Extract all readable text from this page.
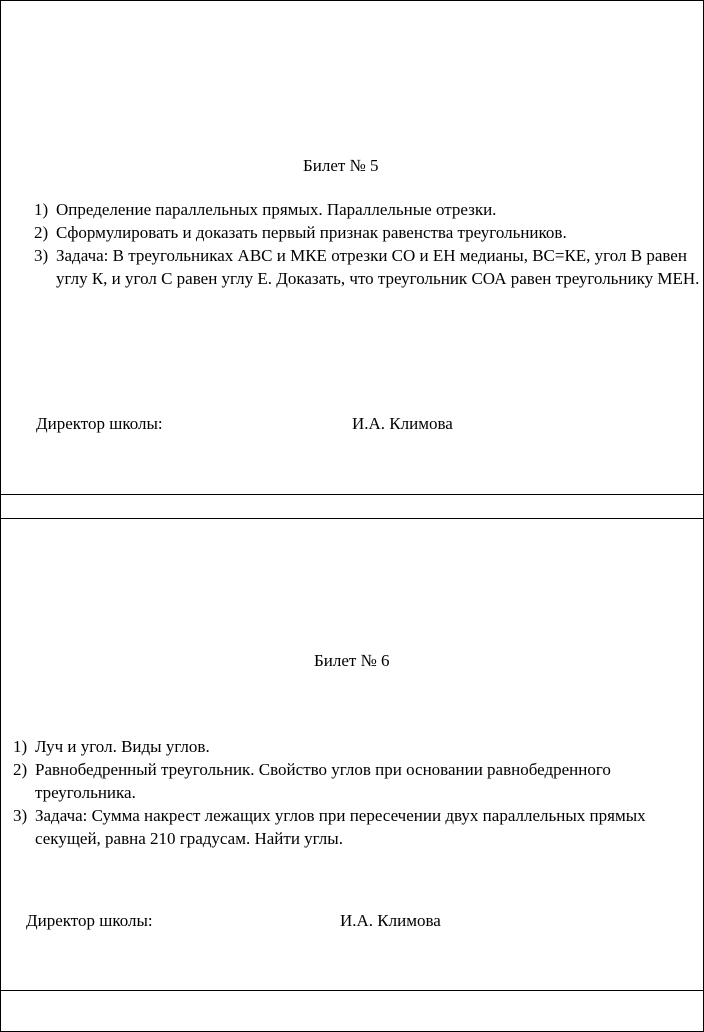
Билет № 5
1) Определение параллельных прямых. Параллельные отрезки.
2) Сформулировать и доказать первый признак равенства треугольников.
3) Задача: В треугольниках АВС и МКЕ отрезки СО и ЕН медианы, ВС=КЕ, угол В равен углу К, и угол С равен углу Е. Доказать, что треугольник СОА равен треугольнику МЕН.
Директор школы:	И.А. Климова
Билет № 6
1) Луч и угол. Виды углов.
2) Равнобедренный треугольник. Свойство углов при основании равнобедренного треугольника.
3) Задача: Сумма накрест лежащих углов при пересечении двух параллельных прямых секущей, равна 210 градусам. Найти углы.
Директор школы:	И.А. Климова
